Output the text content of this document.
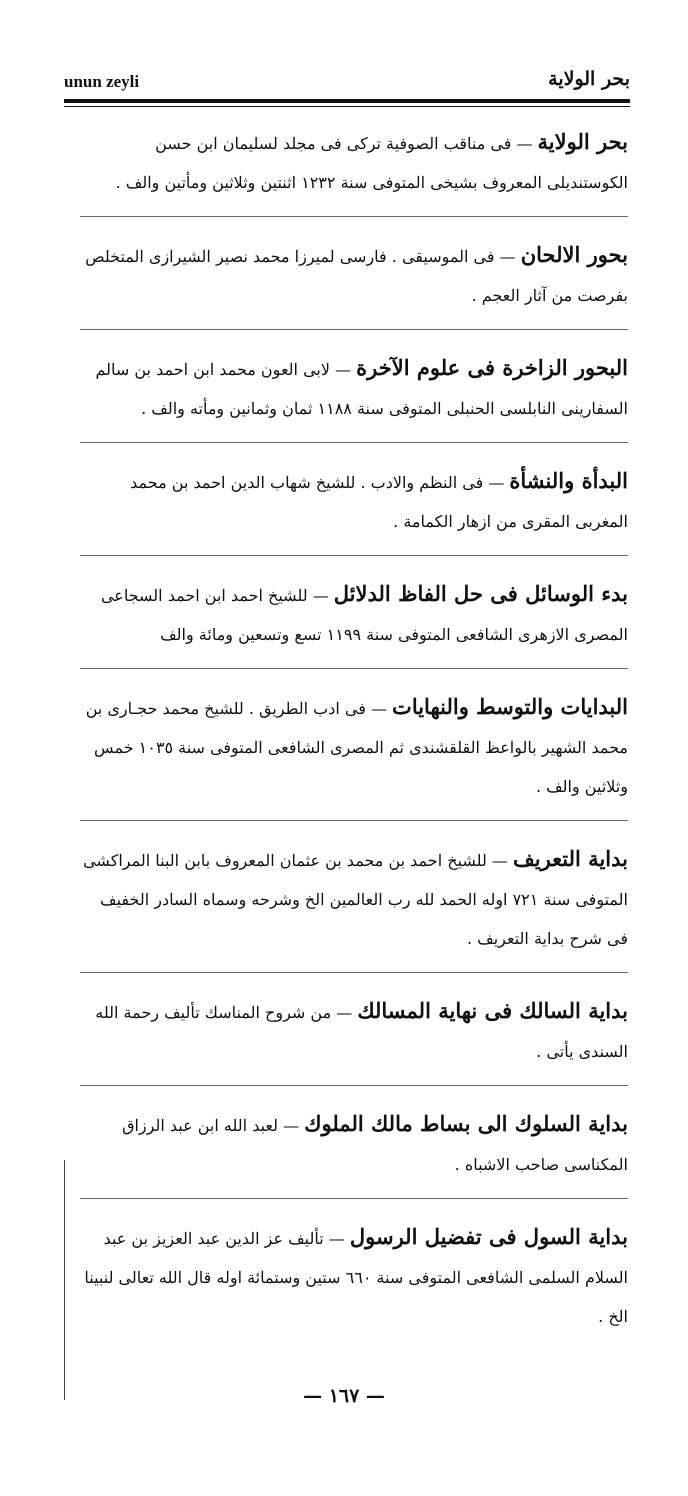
unun zeyli	بحر الولاية
بحر الولاية — فى مناقب الصوفية تركى فى مجلد لسليمان ابن حسن الكوستنديلى المعروف بشيخى المتوفى سنة ١٢٣٢ اثنتين وثلاثين ومأتين والف .
بحور الالحان — فى الموسيقى . فارسى لميرزا محمد نصير الشيرازى المتخلص بفرصت من آثار العجم .
البحور الزاخرة فى علوم الآخرة — لابى العون محمد ابن احمد بن سالم السفارينى النابلسى الحنبلى المتوفى سنة ١١٨٨ ثمان وثمانين ومأته والف .
البدأة والنشأة — فى النظم والادب . للشيخ شهاب الدين احمد بن محمد المغربى المقرى من ازهار الكمامة .
بدء الوسائل فى حل الفاظ الدلائل — للشيخ احمد ابن احمد السجاعى المصرى الازهرى الشافعى المتوفى سنة ١١٩٩ تسع وتسعين ومائة والف
البدايات والتوسط والنهايات — فى ادب الطريق . للشيخ محمد حجـارى بن محمد الشهير بالواعظ القلقشندى ثم المصرى الشافعى المتوفى سنة ١٠٣٥ خمس وثلاثين والف .
بداية التعريف — للشيخ احمد بن محمد بن عثمان المعروف بابن البنا المراكشى المتوفى سنة ٧٢١ اوله الحمد لله رب العالمين الخ وشرحه وسماه السادر الخفيف فى شرح بداية التعريف .
بداية السالك فى نهاية المسالك — من شروح المناسك تأليف رحمة الله السندى يأتى .
بداية السلوك الى بساط مالك الملوك — لعبد الله ابن عبد الرزاق المكناسى صاحب الاشباه .
بداية السول فى تفضيل الرسول — تأليف عز الدين عبد العزيز بن عبد السلام السلمى الشافعى المتوفى سنة ٦٦٠ ستين وستمائة اوله قال الله تعالى لنبينا الخ .
— ١٦٧ —
